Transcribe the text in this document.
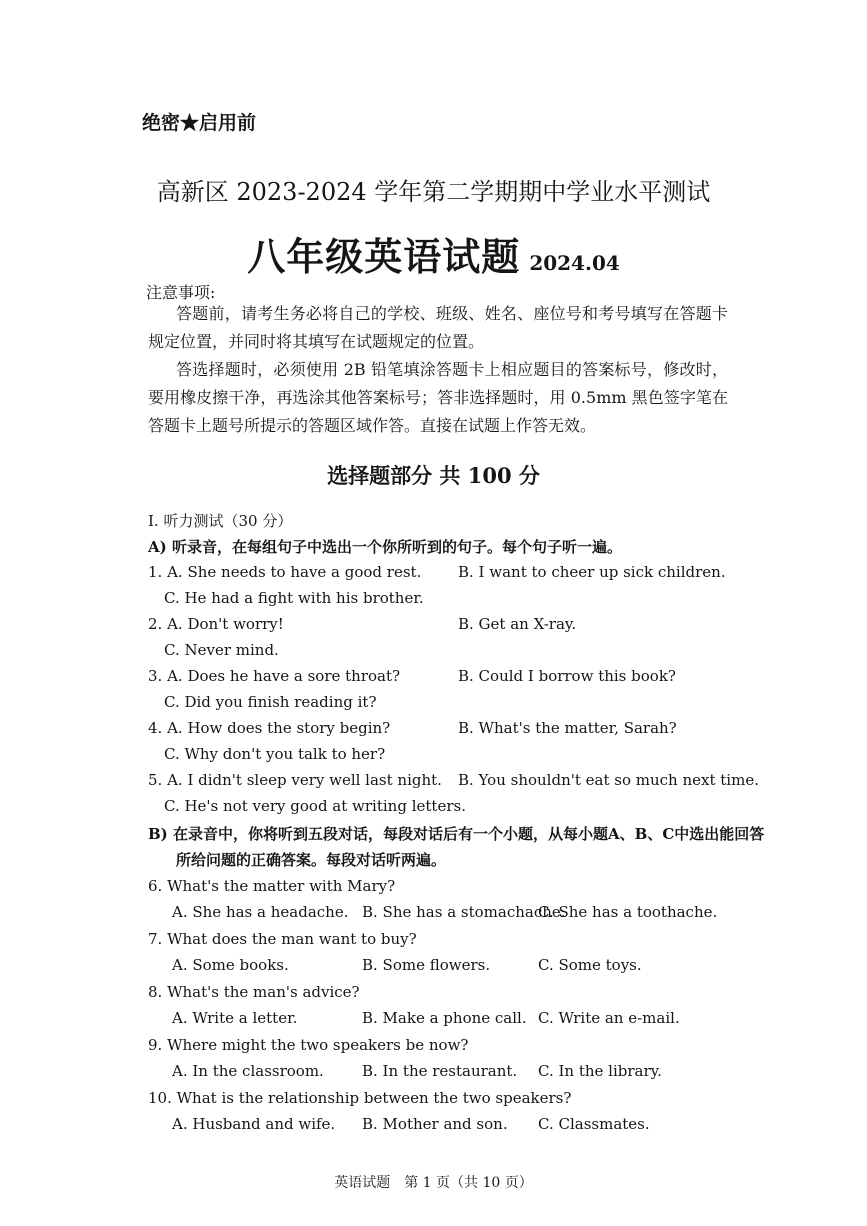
绝密★启用前
高新区 2023-2024 学年第二学期期中学业水平测试
八年级英语试题 2024.04
注意事项:
答题前，请考生务必将自己的学校、班级、姓名、座位号和考号填写在答题卡规定位置，并同时将其填写在试题规定的位置。
答选择题时，必须使用 2B 铅笔填涂答题卡上相应题目的答案标号，修改时，要用橡皮擦干净，再选涂其他答案标号；答非选择题时，用 0.5mm 黑色签字笔在答题卡上题号所提示的答题区域作答。直接在试题上作答无效。
选择题部分 共 100 分
I. 听力测试（30 分）
A) 听录音，在每组句子中选出一个你所听到的句子。每个句子听一遍。
1. A. She needs to have a good rest. B. I want to cheer up sick children.
C. He had a fight with his brother.
2. A. Don't worry!	B. Get an X-ray.
C. Never mind.
3. A. Does he have a sore throat?	B. Could I borrow this book?
C. Did you finish reading it?
4. A. How does the story begin?	B. What's the matter, Sarah?
C. Why don't you talk to her?
5. A. I didn't sleep very well last night. B. You shouldn't eat so much next time.
C. He's not very good at writing letters.
B) 在录音中，你将听到五段对话，每段对话后有一个小题，从每小题A、B、C中选出能回答
所给问题的正确答案。每段对话听两遍。
6. What's the matter with Mary?
A. She has a headache. B. She has a stomachache.
C. She has a toothache.
7. What does the man want to buy?
A. Some books.	B. Some flowers.	C. Some toys.
8. What's the man's advice?
A. Write a letter.	B. Make a phone call. C. Write an e-mail.
9. Where might the two speakers be now?
A. In the classroom.	B. In the restaurant. C. In the library.
10. What is the relationship between the two speakers?
A. Husband and wife. B. Mother and son. C. Classmates.
英语试题　第 1 页（共 10 页）
